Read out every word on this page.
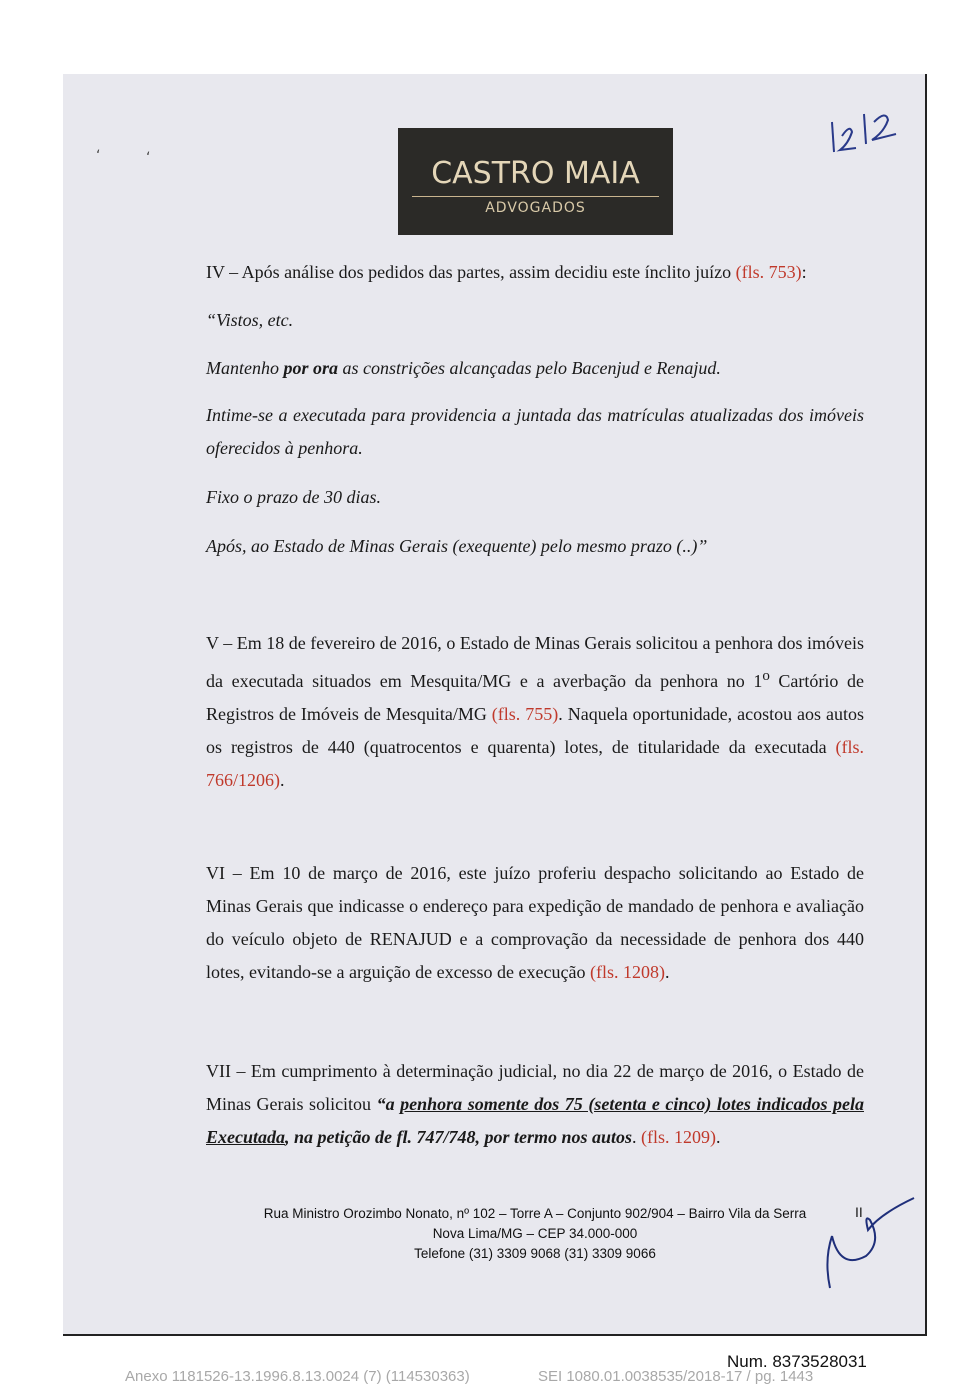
‘	‘	CASTRO MAIA
ADVOGADOS

IV – Após análise dos pedidos das partes, assim decidiu este ínclito juízo (fls. 753):

“Vistos, etc.

Mantenho por ora as constrições alcançadas pelo Bacenjud e Renajud.

Intime-se a executada para providencia a juntada das matrículas atualizadas dos imóveis oferecidos à penhora.

Fixo o prazo de 30 dias.

Após, ao Estado de Minas Gerais (exequente) pelo mesmo prazo (..)”

V – Em 18 de fevereiro de 2016, o Estado de Minas Gerais solicitou a penhora dos imóveis da executada situados em Mesquita/MG e a averbação da penhora no 1$^o$ Cartório de Registros de Imóveis de Mesquita/MG (fls. 755). Naquela oportunidade, acostou aos autos os registros de 440 (quatrocentos e quarenta) lotes, de titularidade da executada (fls. 766/1206).

VI – Em 10 de março de 2016, este juízo proferiu despacho solicitando ao Estado de Minas Gerais que indicasse o endereço para expedição de mandado de penhora e avaliação do veículo objeto de RENAJUD e a comprovação da necessidade de penhora dos 440 lotes, evitando-se a arguição de excesso de execução (fls. 1208).

VII – Em cumprimento à determinação judicial, no dia 22 de março de 2016, o Estado de Minas Gerais solicitou “a penhora somente dos 75 (setenta e cinco) lotes indicados pela Executada, na petição de fl. 747/748, por termo nos autos. (fls. 1209).

Rua Ministro Orozimbo Nonato, nº 102 – Torre A – Conjunto 902/904 – Bairro Vila da Serra
Nova Lima/MG – CEP 34.000-000
Telefone (31) 3309 9068 (31) 3309 9066
II
Num. 8373528031
Anexo 1181526-13.1996.8.13.0024 (7) (114530363)	SEI 1080.01.0038535/2018-17 / pg. 1443
